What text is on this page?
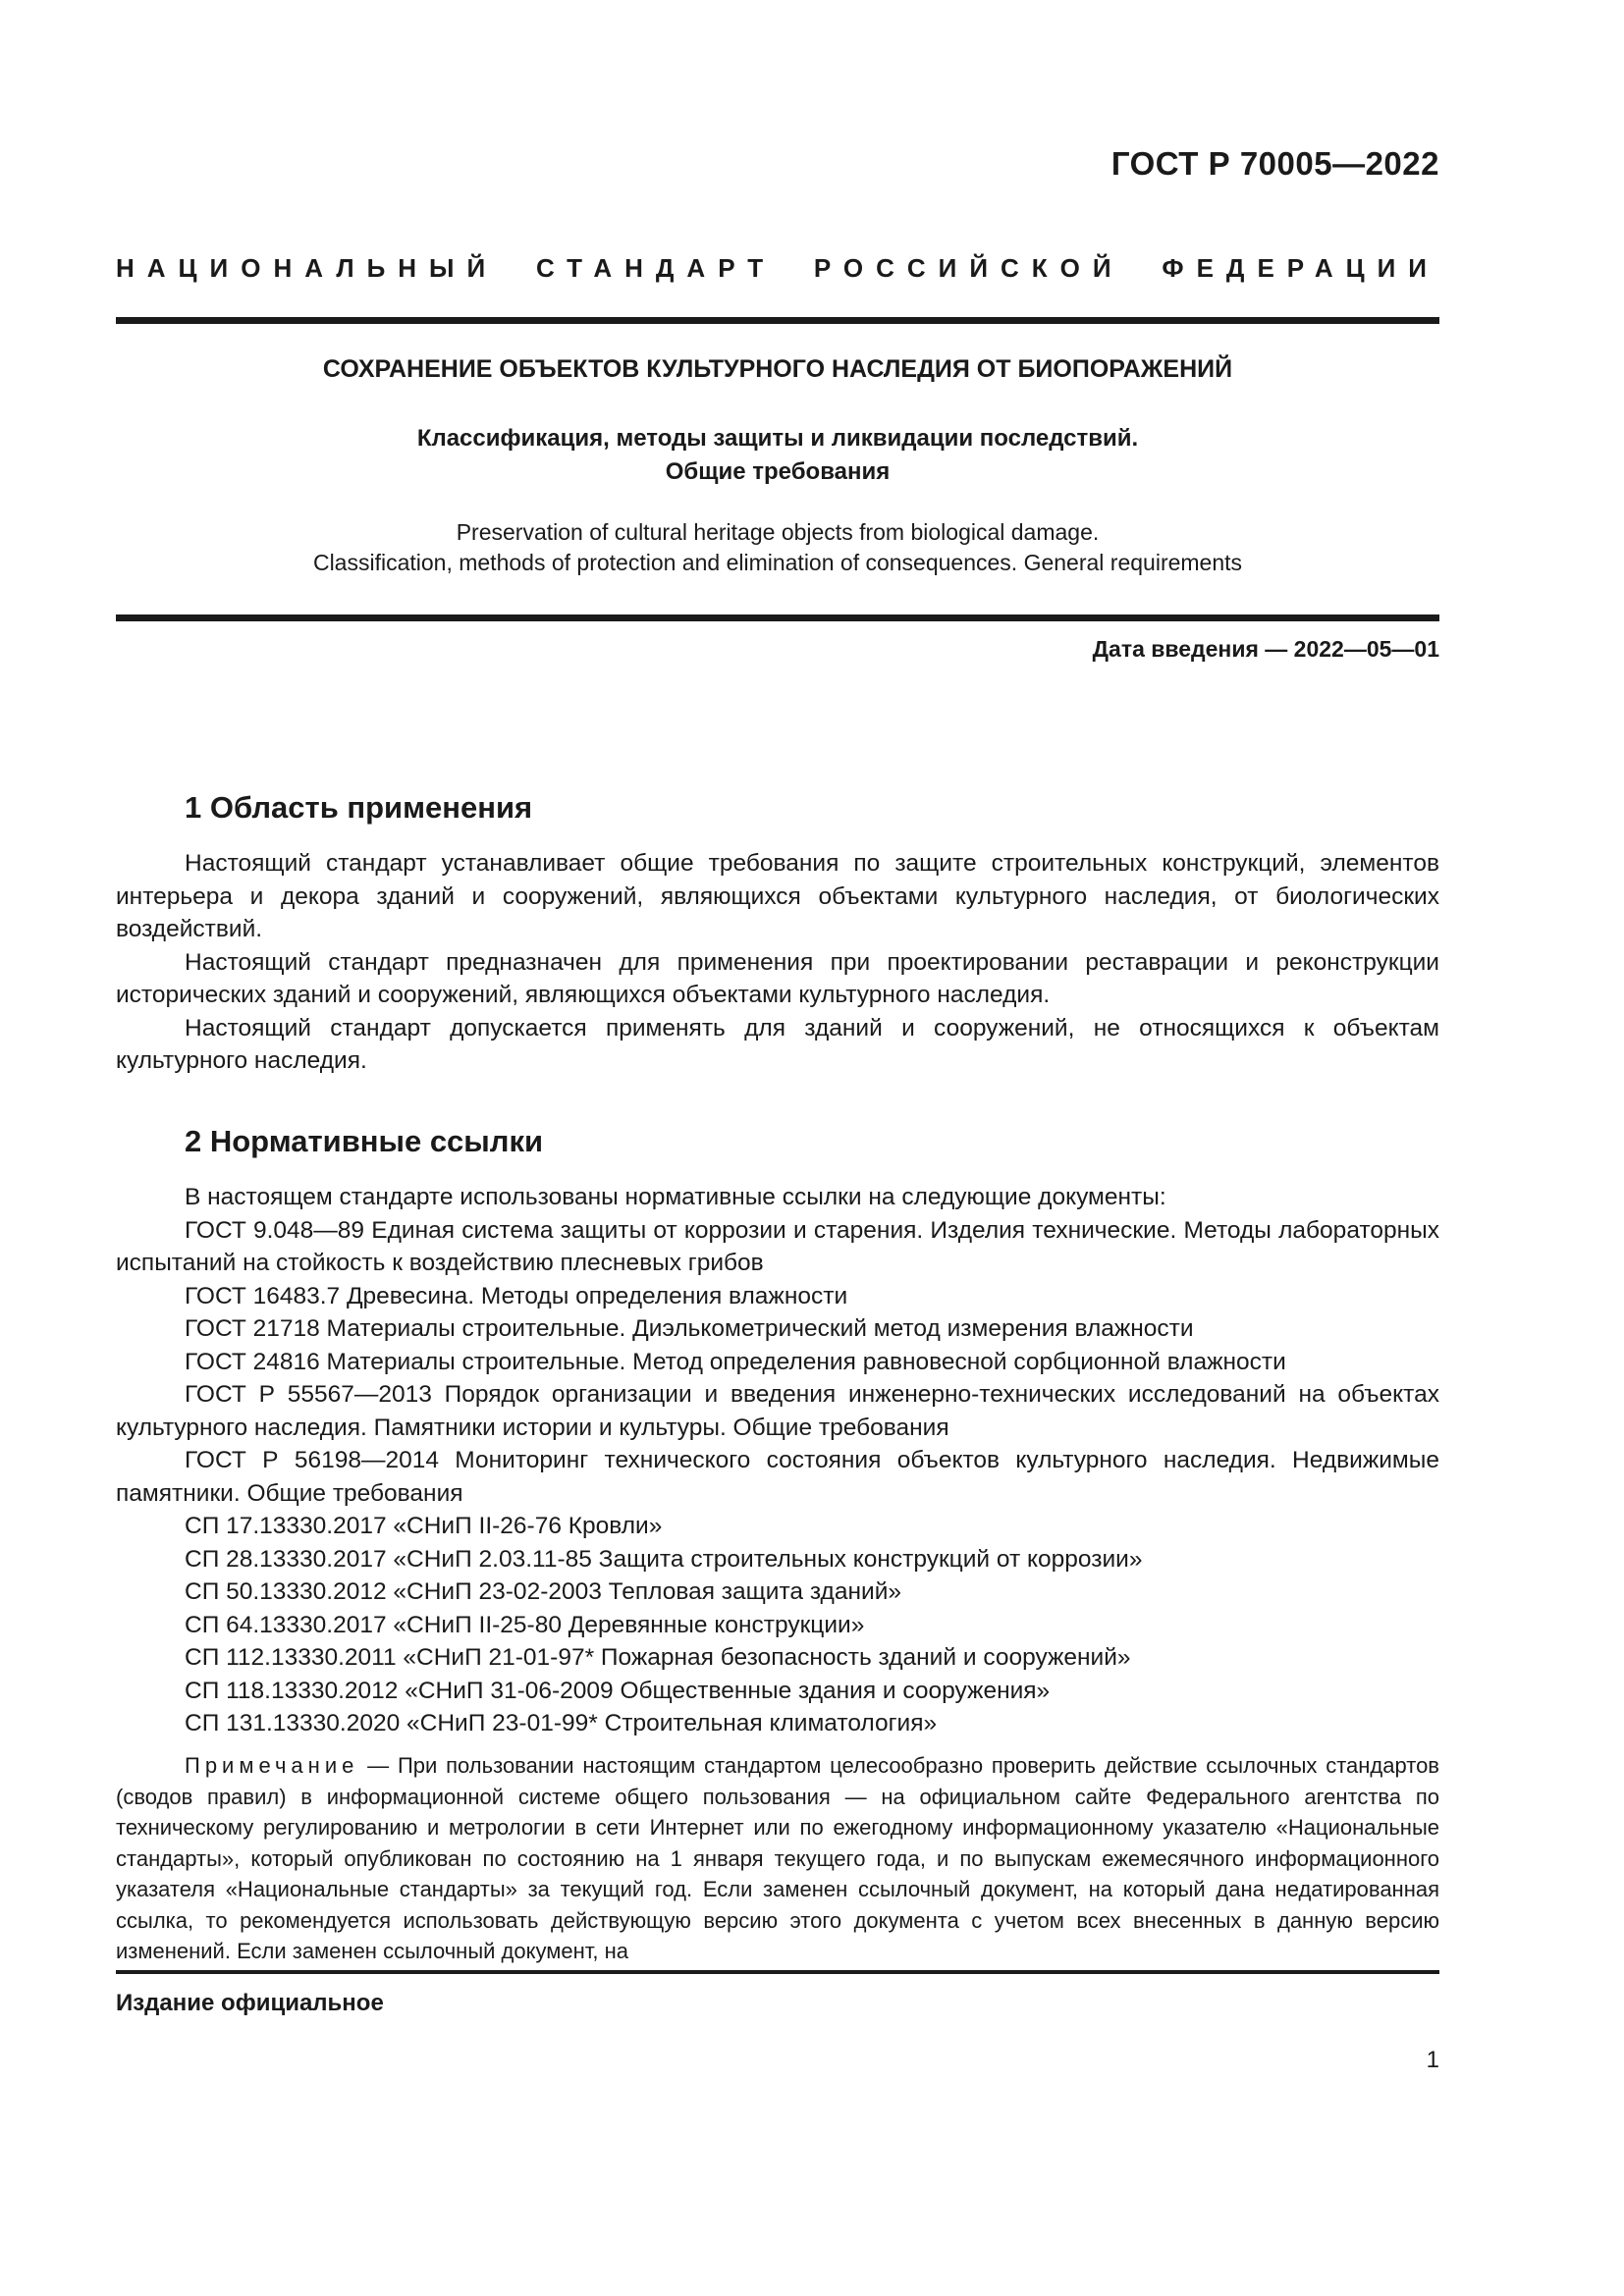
ГОСТ Р 70005—2022
НАЦИОНАЛЬНЫЙ СТАНДАРТ РОССИЙСКОЙ ФЕДЕРАЦИИ
СОХРАНЕНИЕ ОБЪЕКТОВ КУЛЬТУРНОГО НАСЛЕДИЯ ОТ БИОПОРАЖЕНИЙ
Классификация, методы защиты и ликвидации последствий.
Общие требования
Preservation of cultural heritage objects from biological damage.
Classification, methods of protection and elimination of consequences. General requirements
Дата введения — 2022—05—01
1 Область применения

Настоящий стандарт устанавливает общие требования по защите строительных конструкций, элементов интерьера и декора зданий и сооружений, являющихся объектами культурного наследия, от биологических воздействий.

Настоящий стандарт предназначен для применения при проектировании реставрации и реконструкции исторических зданий и сооружений, являющихся объектами культурного наследия.

Настоящий стандарт допускается применять для зданий и сооружений, не относящихся к объектам культурного наследия.

2 Нормативные ссылки

В настоящем стандарте использованы нормативные ссылки на следующие документы:

ГОСТ 9.048—89 Единая система защиты от коррозии и старения. Изделия технические. Методы лабораторных испытаний на стойкость к воздействию плесневых грибов

ГОСТ 16483.7 Древесина. Методы определения влажности

ГОСТ 21718 Материалы строительные. Диэлькометрический метод измерения влажности

ГОСТ 24816 Материалы строительные. Метод определения равновесной сорбционной влажности

ГОСТ Р 55567—2013 Порядок организации и введения инженерно-технических исследований на объектах культурного наследия. Памятники истории и культуры. Общие требования

ГОСТ Р 56198—2014 Мониторинг технического состояния объектов культурного наследия. Недвижимые памятники. Общие требования

СП 17.13330.2017 «СНиП II-26-76 Кровли»

СП 28.13330.2017 «СНиП 2.03.11-85 Защита строительных конструкций от коррозии»

СП 50.13330.2012 «СНиП 23-02-2003 Тепловая защита зданий»

СП 64.13330.2017 «СНиП II-25-80 Деревянные конструкции»

СП 112.13330.2011 «СНиП 21-01-97* Пожарная безопасность зданий и сооружений»

СП 118.13330.2012 «СНиП 31-06-2009 Общественные здания и сооружения»

СП 131.13330.2020 «СНиП 23-01-99* Строительная климатология»

Примечание — При пользовании настоящим стандартом целесообразно проверить действие ссылочных стандартов (сводов правил) в информационной системе общего пользования — на официальном сайте Федерального агентства по техническому регулированию и метрологии в сети Интернет или по ежегодному информационному указателю «Национальные стандарты», который опубликован по состоянию на 1 января текущего года, и по выпускам ежемесячного информационного указателя «Национальные стандарты» за текущий год. Если заменен ссылочный документ, на который дана недатированная ссылка, то рекомендуется использовать действующую версию этого документа с учетом всех внесенных в данную версию изменений. Если заменен ссылочный документ, на
Издание официальное
1
